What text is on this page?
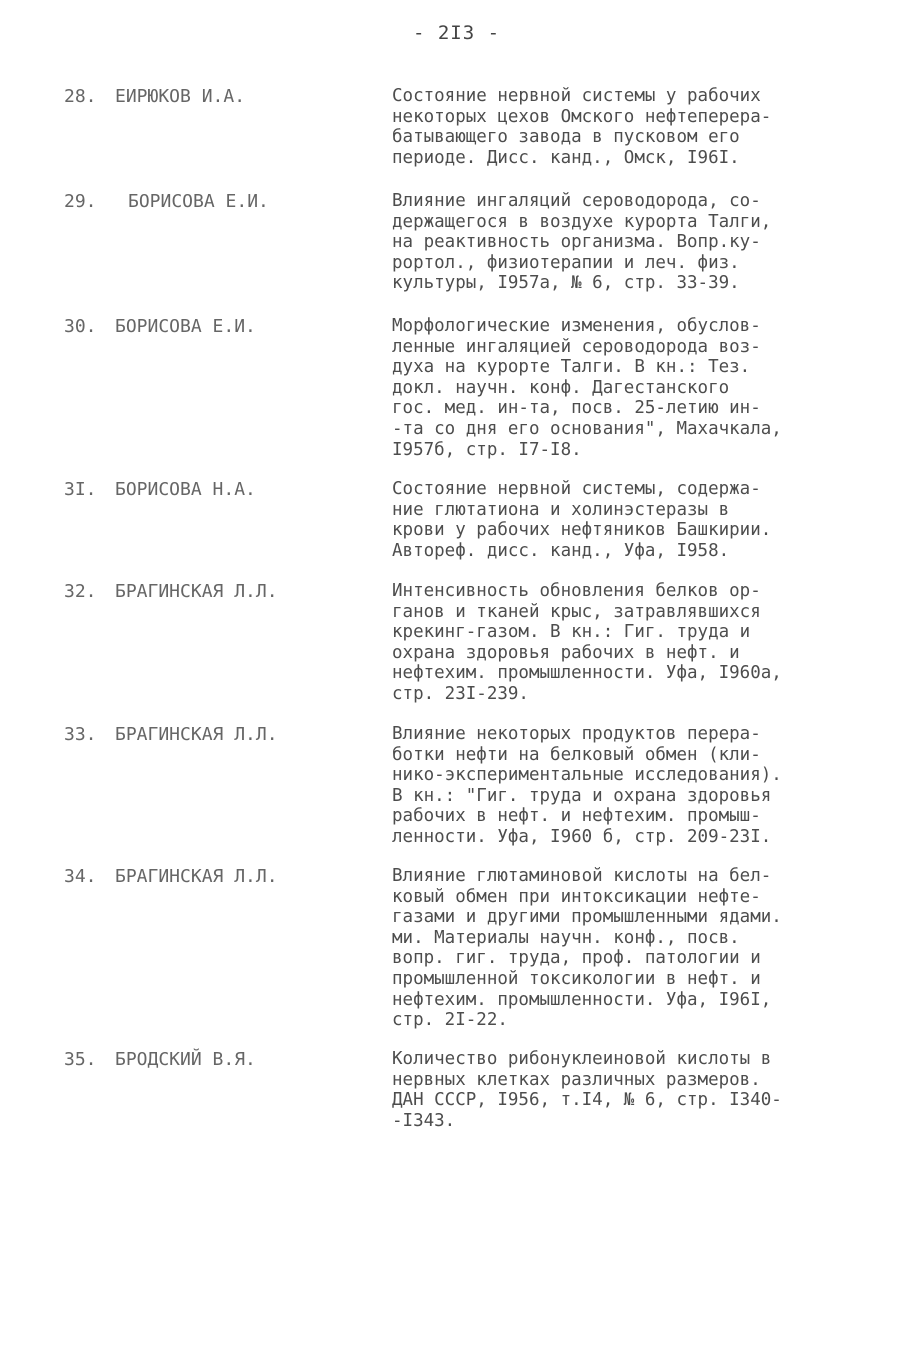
- 2I3 -
28. ЕИРЮКОВ И.А.	Состояние нервной системы у рабочих
некоторых цехов Омского нефтеперера-
батывающего завода в пусковом его
периоде. Дисс. канд., Омск, I96I.
29. БОРИСОВА Е.И.	Влияние ингаляций сероводорода, со-
держащегося в воздухе курорта Талги,
на реактивность организма. Вопр.ку-
рортол., физиотерапии и леч. физ.
культуры, I957а, № 6, стр. 33-39.
30. БОРИСОВА Е.И.	Морфологические изменения, обуслов-
ленные ингаляцией сероводорода воз-
духа на курорте Талги. В кн.: Тез.
докл. научн. конф. Дагестанского
гос. мед. ин-та, посв. 25-летию ин-
-та со дня его основания", Махачкала,
I957б, стр. I7-I8.
3I. БОРИСОВА Н.А.	Состояние нервной системы, содержа-
ние глютатиона и холинэстеразы в
крови у рабочих нефтяников Башкирии.
Автореф. дисс. канд., Уфа, I958.
32. БРАГИНСКАЯ Л.Л.	Интенсивность обновления белков ор-
ганов и тканей крыс, затравлявшихся
крекинг-газом. В кн.: Гиг. труда и
охрана здоровья рабочих в нефт. и
нефтехим. промышленности. Уфа, I960а,
стр. 23I-239.
33. БРАГИНСКАЯ Л.Л.	Влияние некоторых продуктов перера-
ботки нефти на белковый обмен (кли-
нико-экспериментальные исследования).
В кн.: "Гиг. труда и охрана здоровья
рабочих в нефт. и нефтехим. промыш-
ленности. Уфа, I960 б, стр. 209-23I.
34. БРАГИНСКАЯ Л.Л.	Влияние глютаминовой кислоты на бел-
ковый обмен при интоксикации нефте-
газами и другими промышленными ядами.
ми. Материалы научн. конф., посв.
вопр. гиг. труда, проф. патологии и
промышленной токсикологии в нефт. и
нефтехим. промышленности. Уфа, I96I,
стр. 2I-22.
35. БРОДСКИЙ В.Я.	Количество рибонуклеиновой кислоты в
нервных клетках различных размеров.
ДАН СССР, I956, т.I4, № 6, стр. I340-
-I343.
